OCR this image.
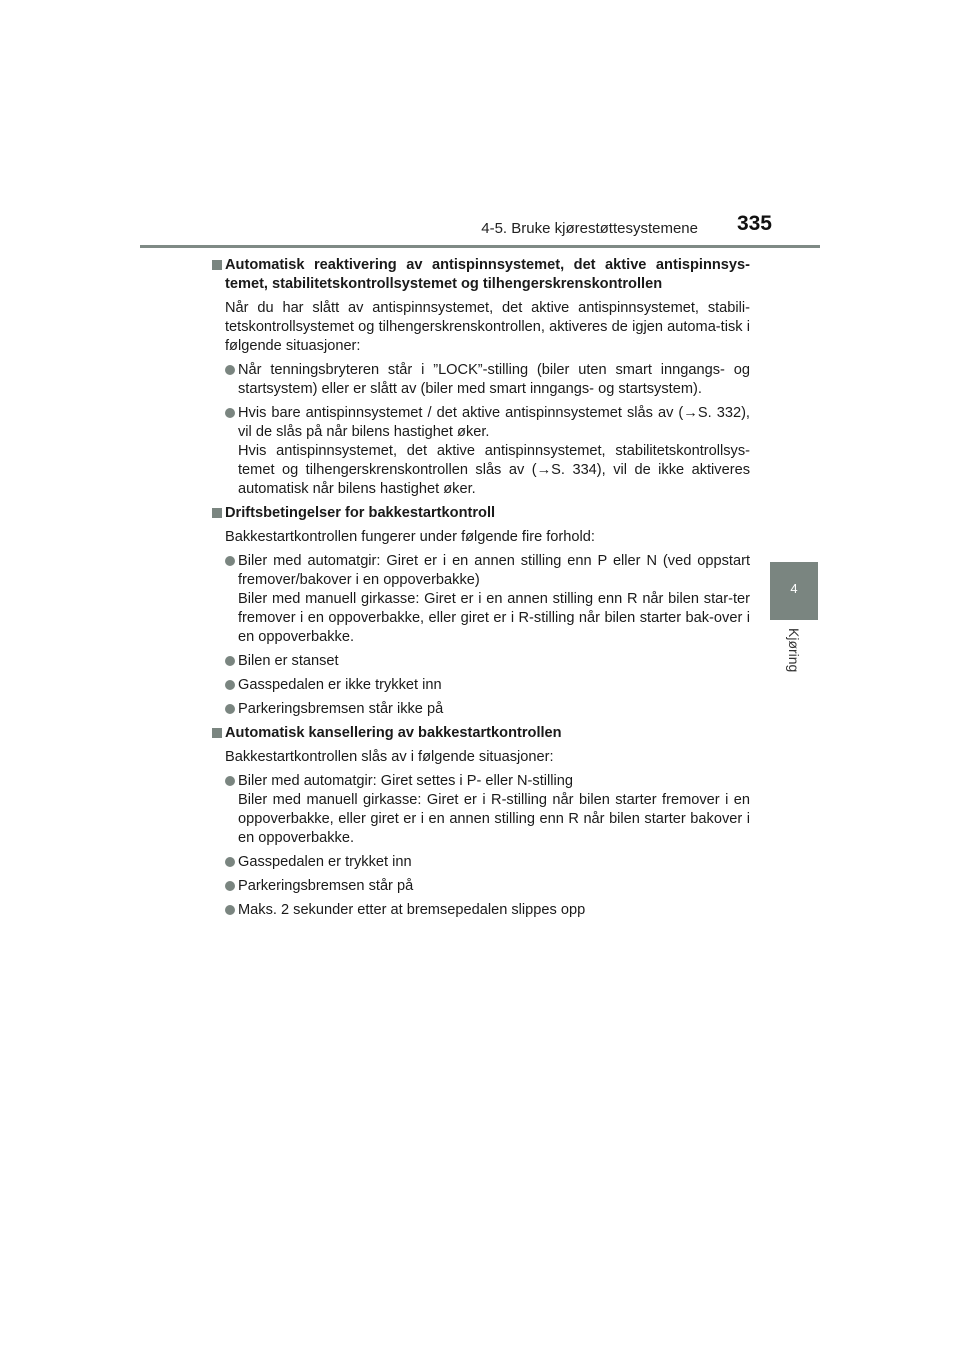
4-5. Bruke kjørestøttesystemene 335
4
Kjøring
Automatisk reaktivering av antispinnsystemet, det aktive antispinnsys-temet, stabilitetskontrollsystemet og tilhengerskrenskontrollen
Når du har slått av antispinnsystemet, det aktive antispinnsystemet, stabili-tetskontrollsystemet og tilhengerskrenskontrollen, aktiveres de igjen automa-tisk i følgende situasjoner:
Når tenningsbryteren står i ”LOCK”-stilling (biler uten smart inngangs- og startsystem) eller er slått av (biler med smart inngangs- og startsystem).
Hvis bare antispinnsystemet / det aktive antispinnsystemet slås av (→S. 332), vil de slås på når bilens hastighet øker.
Hvis antispinnsystemet, det aktive antispinnsystemet, stabilitetskontrollsys-temet og tilhengerskrenskontrollen slås av (→S. 334), vil de ikke aktiveres automatisk når bilens hastighet øker.
Driftsbetingelser for bakkestartkontroll
Bakkestartkontrollen fungerer under følgende fire forhold:
Biler med automatgir: Giret er i en annen stilling enn P eller N (ved oppstart fremover/bakover i en oppoverbakke)
Biler med manuell girkasse: Giret er i en annen stilling enn R når bilen star-ter fremover i en oppoverbakke, eller giret er i R-stilling når bilen starter bak-over i en oppoverbakke.
Bilen er stanset
Gasspedalen er ikke trykket inn
Parkeringsbremsen står ikke på
Automatisk kansellering av bakkestartkontrollen
Bakkestartkontrollen slås av i følgende situasjoner:
Biler med automatgir: Giret settes i P- eller N-stilling
Biler med manuell girkasse: Giret er i R-stilling når bilen starter fremover i en oppoverbakke, eller giret er i en annen stilling enn R når bilen starter bakover i en oppoverbakke.
Gasspedalen er trykket inn
Parkeringsbremsen står på
Maks. 2 sekunder etter at bremsepedalen slippes opp
